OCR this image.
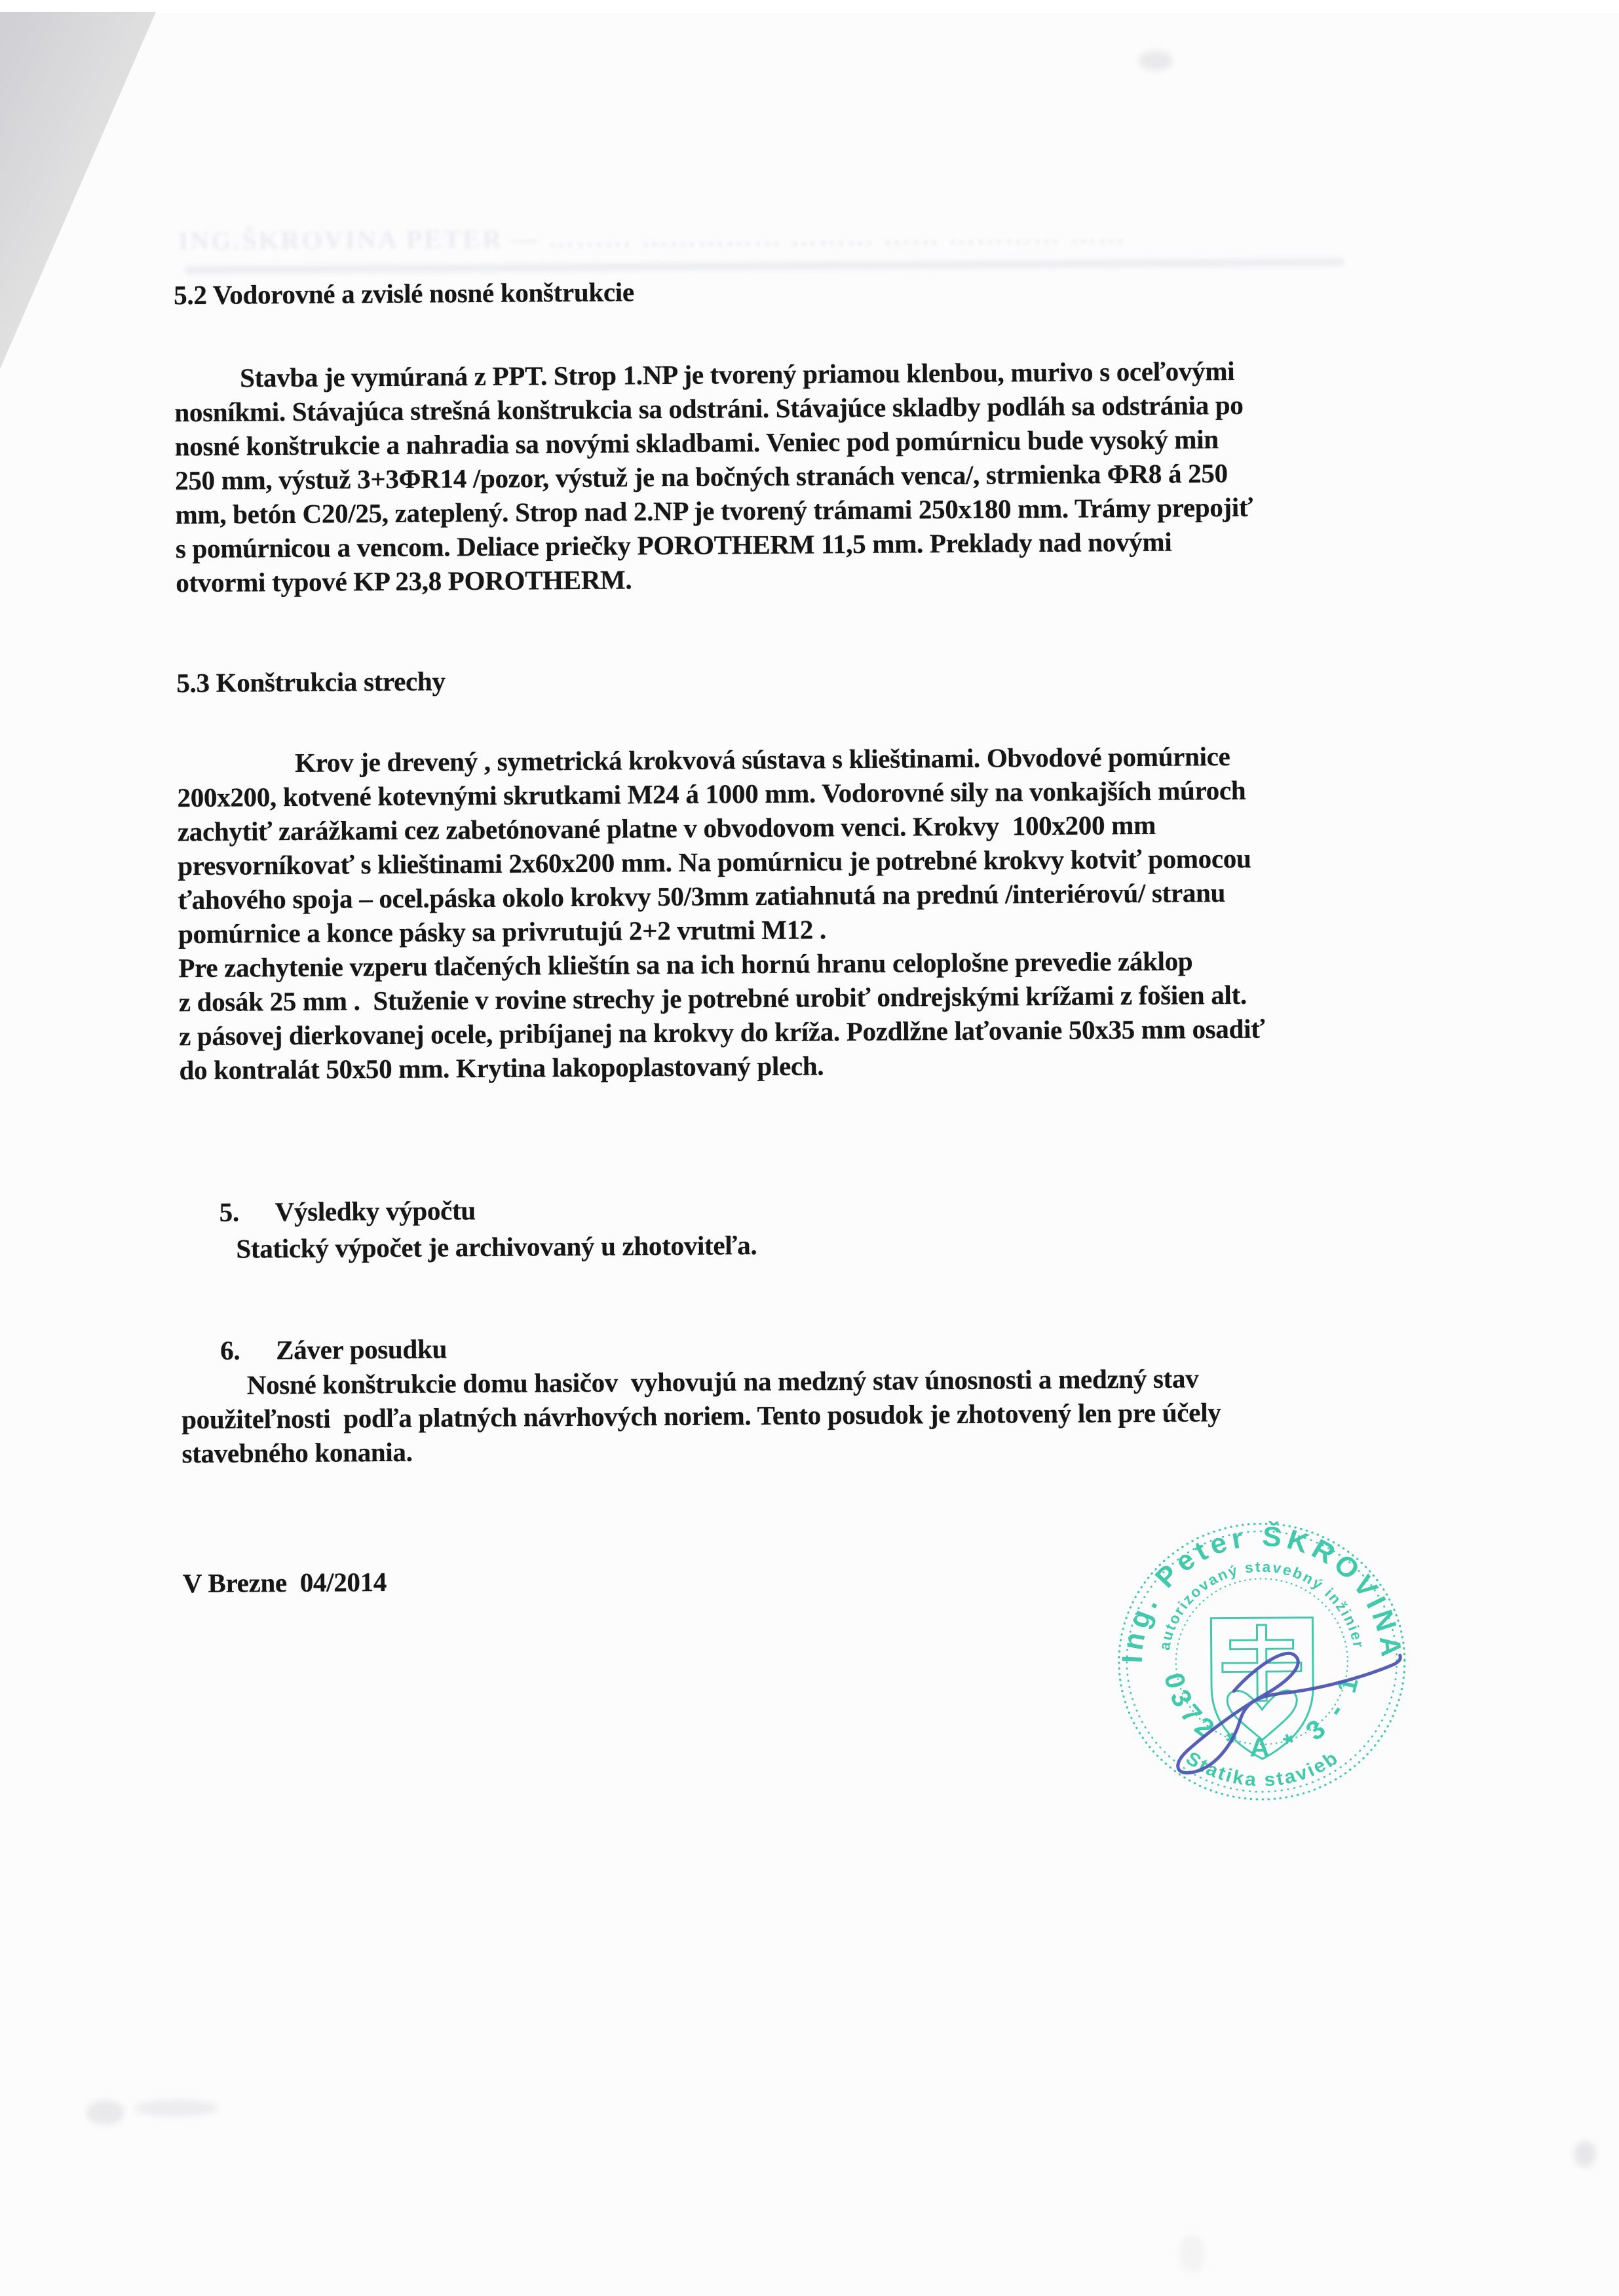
ING.ŠKROVINA PETER — ……… …………… ……… …… ………… ……
5.2 Vodorovné a zvislé nosné konštrukcie
Stavba je vymúraná z PPT. Strop 1.NP je tvorený priamou klenbou, murivo s oceľovými
nosníkmi. Stávajúca strešná konštrukcia sa odstráni. Stávajúce skladby podláh sa odstránia po
nosné konštrukcie a nahradia sa novými skladbami. Veniec pod pomúrnicu bude vysoký min
250 mm, výstuž 3+3ΦR14 /pozor, výstuž je na bočných stranách venca/, strmienka ΦR8 á 250
mm, betón C20/25, zateplený. Strop nad 2.NP je tvorený trámami 250x180 mm. Trámy prepojiť
s pomúrnicou a vencom. Deliace priečky POROTHERM 11,5 mm. Preklady nad novými
otvormi typové KP 23,8 POROTHERM.
5.3 Konštrukcia strechy
Krov je drevený , symetrická krokvová sústava s klieštinami. Obvodové pomúrnice
200x200, kotvené kotevnými skrutkami M24 á 1000 mm. Vodorovné sily na vonkajších múroch
zachytiť zarážkami cez zabetónované platne v obvodovom venci. Krokvy  100x200 mm
presvorníkovať s klieštinami 2x60x200 mm. Na pomúrnicu je potrebné krokvy kotviť pomocou
ťahového spoja – ocel.páska okolo krokvy 50/3mm zatiahnutá na prednú /interiérovú/ stranu
pomúrnice a konce pásky sa privrutujú 2+2 vrutmi M12 .
Pre zachytenie vzperu tlačených klieštín sa na ich hornú hranu celoplošne prevedie záklop
z dosák 25 mm .  Stuženie v rovine strechy je potrebné urobiť ondrejskými krížami z fošien alt.
z pásovej dierkovanej ocele, pribíjanej na krokvy do kríža. Pozdlžne laťovanie 50x35 mm osadiť
do kontralát 50x50 mm. Krytina lakopoplastovaný plech.

5. Výsledky výpočtu

Statický výpočet je archivovaný u zhotoviteľa.

6. Záver posudku

Nosné konštrukcie domu hasičov  vyhovujú na medzný stav únosnosti a medzný stav
použiteľnosti  podľa platných návrhových noriem. Tento posudok je zhotovený len pre účely
stavebného konania.
V Brezne  04/2014
Ing. Peter ŠKROVINA
autorizovaný stavebný inžinier
0372 * A * 3 - 1
Statika stavieb
